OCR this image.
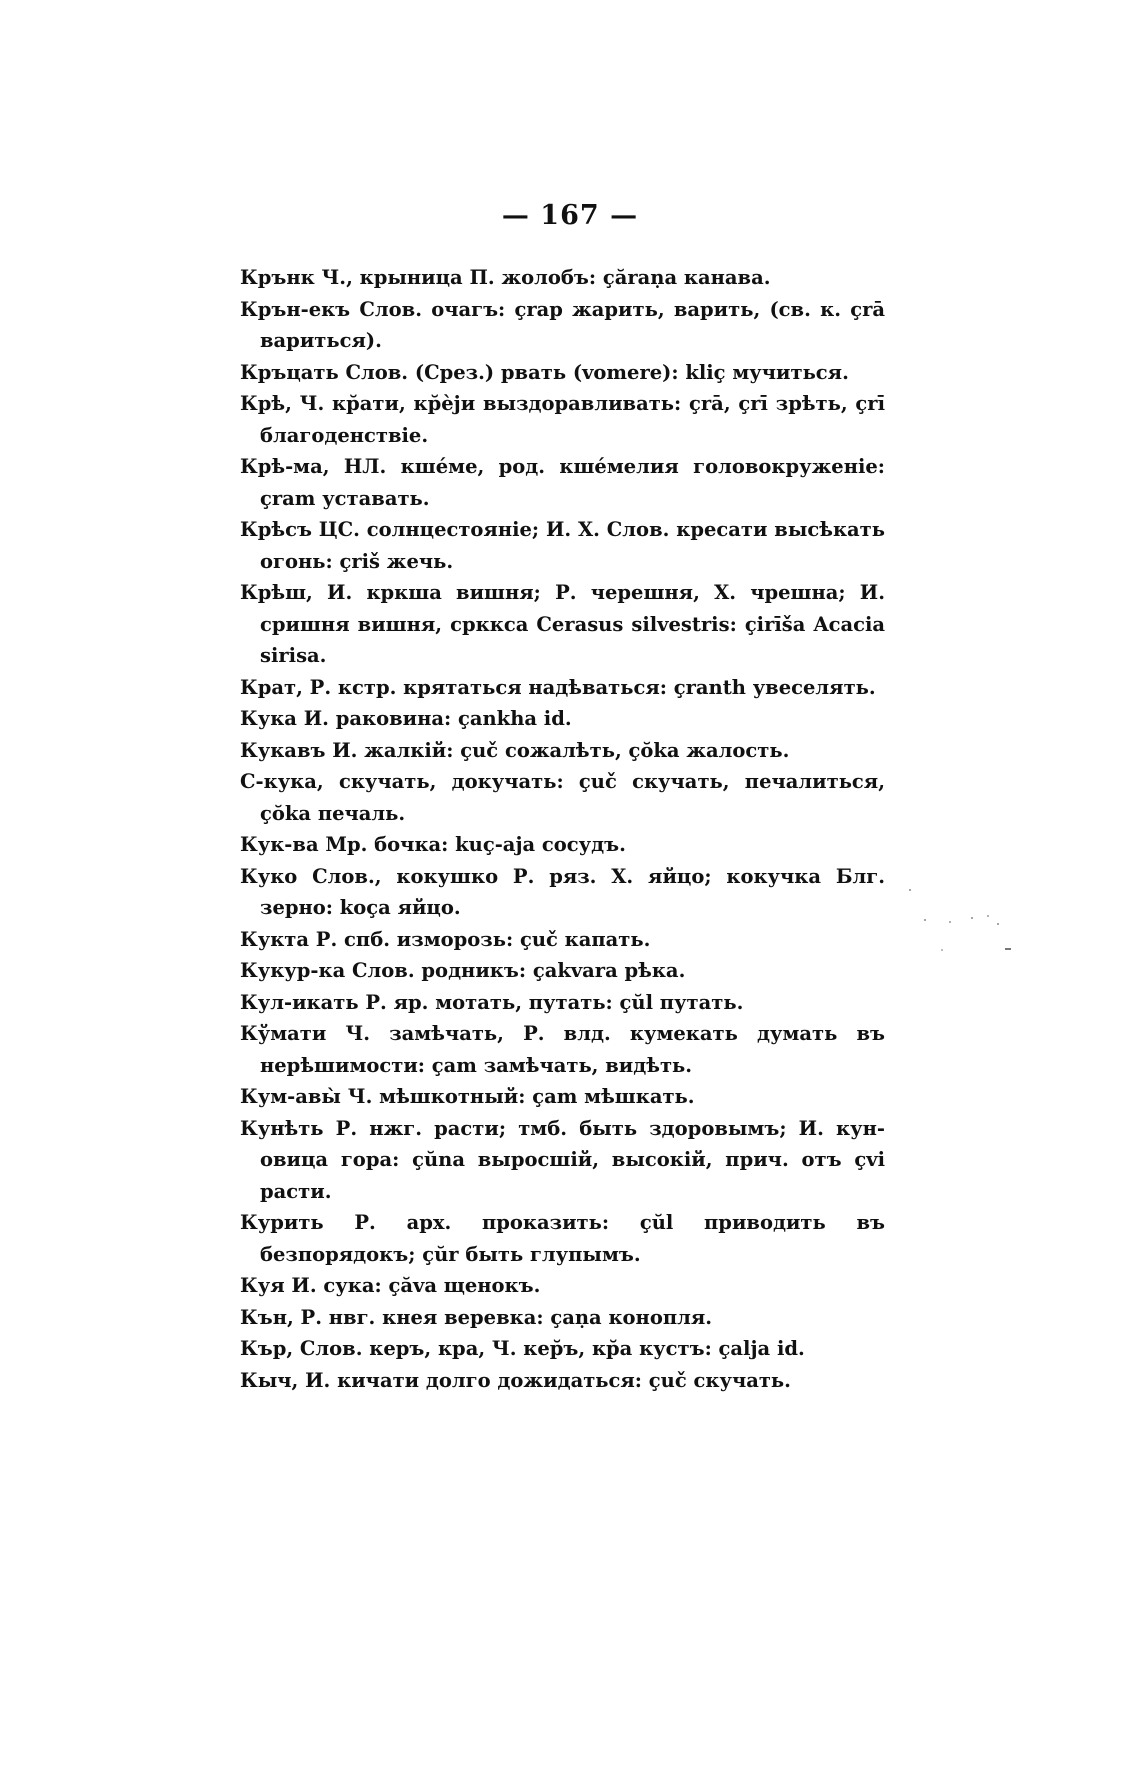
— 167 —

Крънк Ч., крыница П. жолобъ: çăraṇa канава.

Крън-екъ Слов. очагъ: çrap жарить, варить, (св. к. çrā вариться).

Кръцать Слов. (Срез.) рвать (vomere): kliç мучиться.

Крѣ, Ч. кр̆ати, кр̆ѐjи выздоравливать: çrā, çrī зрѣть, çrī благоденствіе.

Крѣ-ма, НЛ. кшéме, род. кшéмелия головокруженіе: çram уставать.

Крѣсъ ЦС. солнцестояніе; И. Х. Слов. кресати высѣкать огонь: çriš жечь.

Крѣш, И. кркша вишня; Р. черешня, Х. чрешна; И. сришня вишня, срккса Cerasus silvestris: çirīša Acacia sirisa.

Крат, Р. кстр. крятаться надѣваться: çranth увеселять.

Кука И. раковина: çankha id.

Кукавъ И. жалкій: çuč сожалѣть, çŏka жалость.

С-кука, скучать, докучать: çuč скучать, печалиться, çŏka печаль.

Кук-ва Мр. бочка: kuç-aja сосудъ.

Куко Слов., кокушко Р. ряз. Х. яйцо; кокучка Блг. зерно: koça яйцо.

Кукта Р. спб. изморозь: çuč капать.

Кукур-ка Слов. родникъ: çakvara рѣка.

Кул-икать Р. яр. мотать, путать: çŭl путать.

Кўмати Ч. замѣчать, Р. влд. кумекать думать въ нерѣшимости: çam замѣчать, видѣть.

Кум-авы̀ Ч. мѣшкотный: çam мѣшкать.

Кунѣть Р. нжг. расти; тмб. быть здоровымъ; И. кун-овица гора: çŭna выросшій, высокій, прич. отъ çvi расти.

Курить Р. арх. проказить: çŭl приводить въ безпорядокъ; çŭr быть глупымъ.

Куя И. сука: çăva щенокъ.

Кън, Р. нвг. кнея веревка: çaṇa конопля.

Кър, Слов. керъ, кра, Ч. кер̆ъ, кр̆а кустъ: çalja id.

Кыч, И. кичати долго дожидаться: çuč скучать.
